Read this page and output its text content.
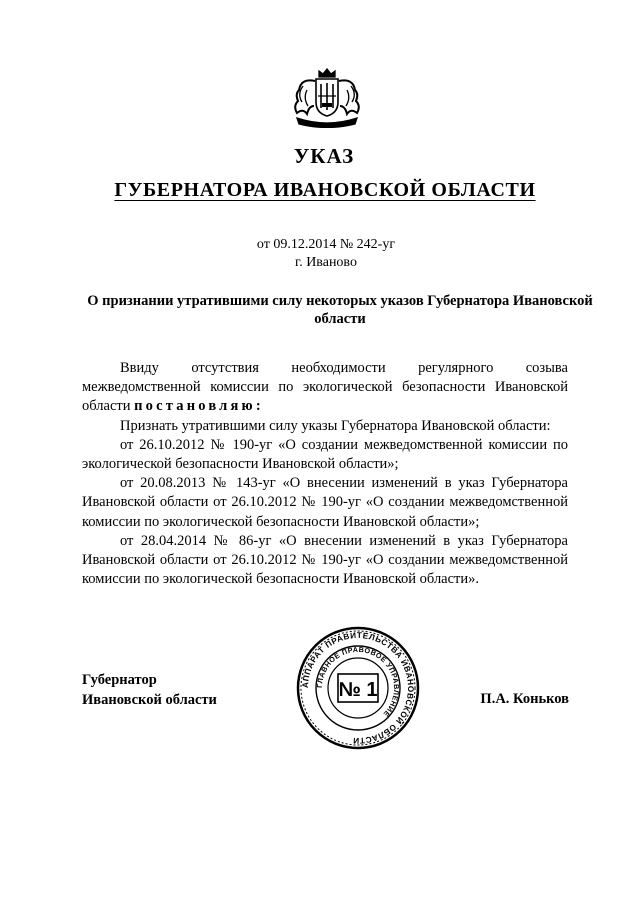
УКАЗ
ГУБЕРНАТОРА ИВАНОВСКОЙ ОБЛАСТИ
от 09.12.2014 № 242-уг
г. Иваново
О признании утратившими силу некоторых указов Губернатора Ивановской области

Ввиду отсутствия необходимости регулярного созыва межведомственной комиссии по экологической безопасности Ивановской области постановляю:

Признать утратившими силу указы Губернатора Ивановской области:

от 26.10.2012 № 190-уг «О создании межведомственной комиссии по экологической безопасности Ивановской области»;

от 20.08.2013 № 143-уг «О внесении изменений в указ Губернатора Ивановской области от 26.10.2012 № 190-уг «О создании межведомственной комиссии по экологической безопасности Ивановской области»;

от 28.04.2014 № 86-уг «О внесении изменений в указ Губернатора Ивановской области от 26.10.2012 № 190-уг «О создании межведомственной комиссии по экологической безопасности Ивановской области».

Губернатор
Ивановской области	П.А. Коньков
АППАРАТ ПРАВИТЕЛЬСТВА ИВАНОВСКОЙ ОБЛАСТИ
ГЛАВНОЕ ПРАВОВОЕ УПРАВЛЕНИЕ
№ 1
